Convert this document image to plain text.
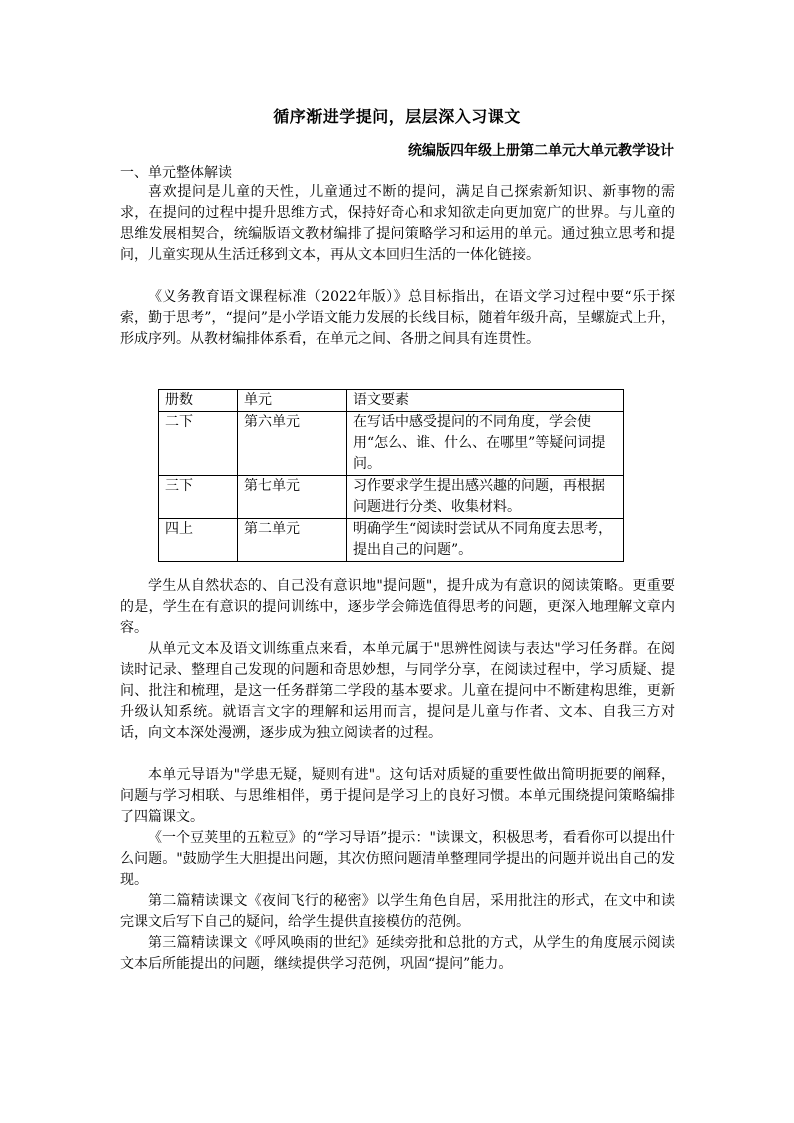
循序渐进学提问，层层深入习课文
统编版四年级上册第二单元大单元教学设计
一、单元整体解读

喜欢提问是儿童的天性，儿童通过不断的提问，满足自己探索新知识、新事物的需求，在提问的过程中提升思维方式，保持好奇心和求知欲走向更加宽广的世界。与儿童的思维发展相契合，统编版语文教材编排了提问策略学习和运用的单元。通过独立思考和提问，儿童实现从生活迁移到文本，再从文本回归生活的一体化链接。

《义务教育语文课程标准（2022年版）》总目标指出，在语文学习过程中要“乐于探索，勤于思考”，“提问”是小学语文能力发展的长线目标，随着年级升高，呈螺旋式上升，形成序列。从教材编排体系看，在单元之间、各册之间具有连贯性。

册数	单元	语文要素
二下	第六单元	在写话中感受提问的不同角度，学会使用“怎么、谁、什么、在哪里”等疑问词提问。
三下	第七单元	习作要求学生提出感兴趣的问题，再根据问题进行分类、收集材料。
四上	第二单元	明确学生“阅读时尝试从不同角度去思考，提出自己的问题”。

学生从自然状态的、自己没有意识地"提问题"，提升成为有意识的阅读策略。更重要的是，学生在有意识的提问训练中，逐步学会筛选值得思考的问题，更深入地理解文章内容。

从单元文本及语文训练重点来看，本单元属于"思辨性阅读与表达"学习任务群。在阅读时记录、整理自己发现的问题和奇思妙想，与同学分享，在阅读过程中，学习质疑、提问、批注和梳理，是这一任务群第二学段的基本要求。儿童在提问中不断建构思维，更新升级认知系统。就语言文字的理解和运用而言，提问是儿童与作者、文本、自我三方对话，向文本深处漫溯，逐步成为独立阅读者的过程。

本单元导语为"学患无疑，疑则有进"。这句话对质疑的重要性做出简明扼要的阐释，问题与学习相联、与思维相伴，勇于提问是学习上的良好习惯。本单元围绕提问策略编排了四篇课文。

《一个豆荚里的五粒豆》的“学习导语”提示："读课文，积极思考，看看你可以提出什么问题。"鼓励学生大胆提出问题，其次仿照问题清单整理同学提出的问题并说出自己的发现。

第二篇精读课文《夜间飞行的秘密》以学生角色自居，采用批注的形式，在文中和读完课文后写下自己的疑问，给学生提供直接模仿的范例。

第三篇精读课文《呼风唤雨的世纪》延续旁批和总批的方式，从学生的角度展示阅读文本后所能提出的问题，继续提供学习范例，巩固“提问”能力。
